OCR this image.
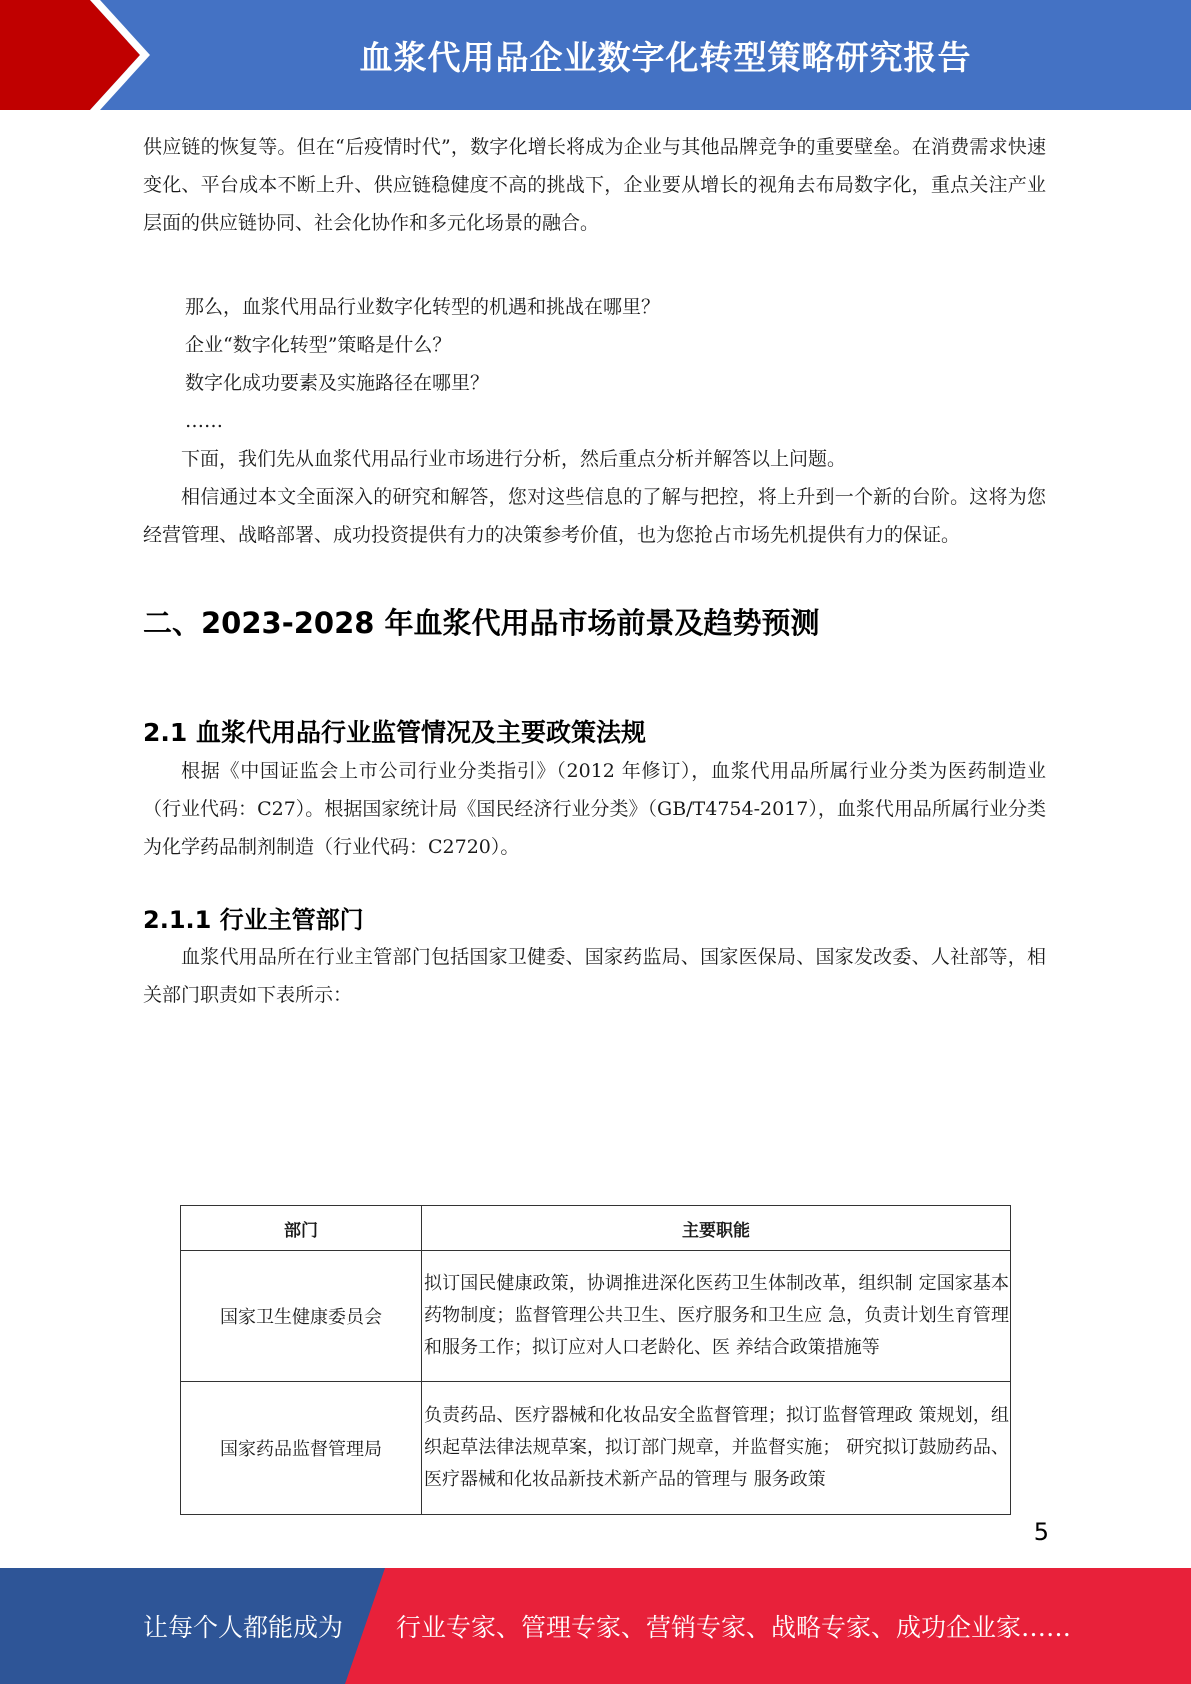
血浆代用品企业数字化转型策略研究报告

供应链的恢复等。但在“后疫情时代”，数字化增长将成为企业与其他品牌竞争的重要壁垒。在消费需求快速变化、平台成本不断上升、供应链稳健度不高的挑战下，企业要从增长的视角去布局数字化，重点关注产业层面的供应链协同、社会化协作和多元化场景的融合。

那么，血浆代用品行业数字化转型的机遇和挑战在哪里？
企业“数字化转型”策略是什么？
数字化成功要素及实施路径在哪里？
……

下面，我们先从血浆代用品行业市场进行分析，然后重点分析并解答以上问题。

相信通过本文全面深入的研究和解答，您对这些信息的了解与把控，将上升到一个新的台阶。这将为您经营管理、战略部署、成功投资提供有力的决策参考价值，也为您抢占市场先机提供有力的保证。

二、2023-2028 年血浆代用品市场前景及趋势预测
2.1 血浆代用品行业监管情况及主要政策法规

根据《中国证监会上市公司行业分类指引》（2012 年修订），血浆代用品所属行业分类为医药制造业（行业代码：C27）。根据国家统计局《国民经济行业分类》（GB/T4754-2017），血浆代用品所属行业分类为化学药品制剂制造（行业代码：C2720）。

2.1.1 行业主管部门

血浆代用品所在行业主管部门包括国家卫健委、国家药监局、国家医保局、国家发改委、人社部等，相关部门职责如下表所示：

部门	主要职能
国家卫生健康委员会	拟订国民健康政策，协调推进深化医药卫生体制改革，组织制 定国家基本药物制度；监督管理公共卫生、医疗服务和卫生应 急，负责计划生育管理和服务工作；拟订应对人口老龄化、医 养结合政策措施等
国家药品监督管理局	负责药品、医疗器械和化妆品安全监督管理；拟订监督管理政 策规划，组织起草法律法规草案，拟订部门规章，并监督实施； 研究拟订鼓励药品、医疗器械和化妆品新技术新产品的管理与 服务政策
5
让每个人都能成为 行业专家、管理专家、营销专家、战略专家、成功企业家……
